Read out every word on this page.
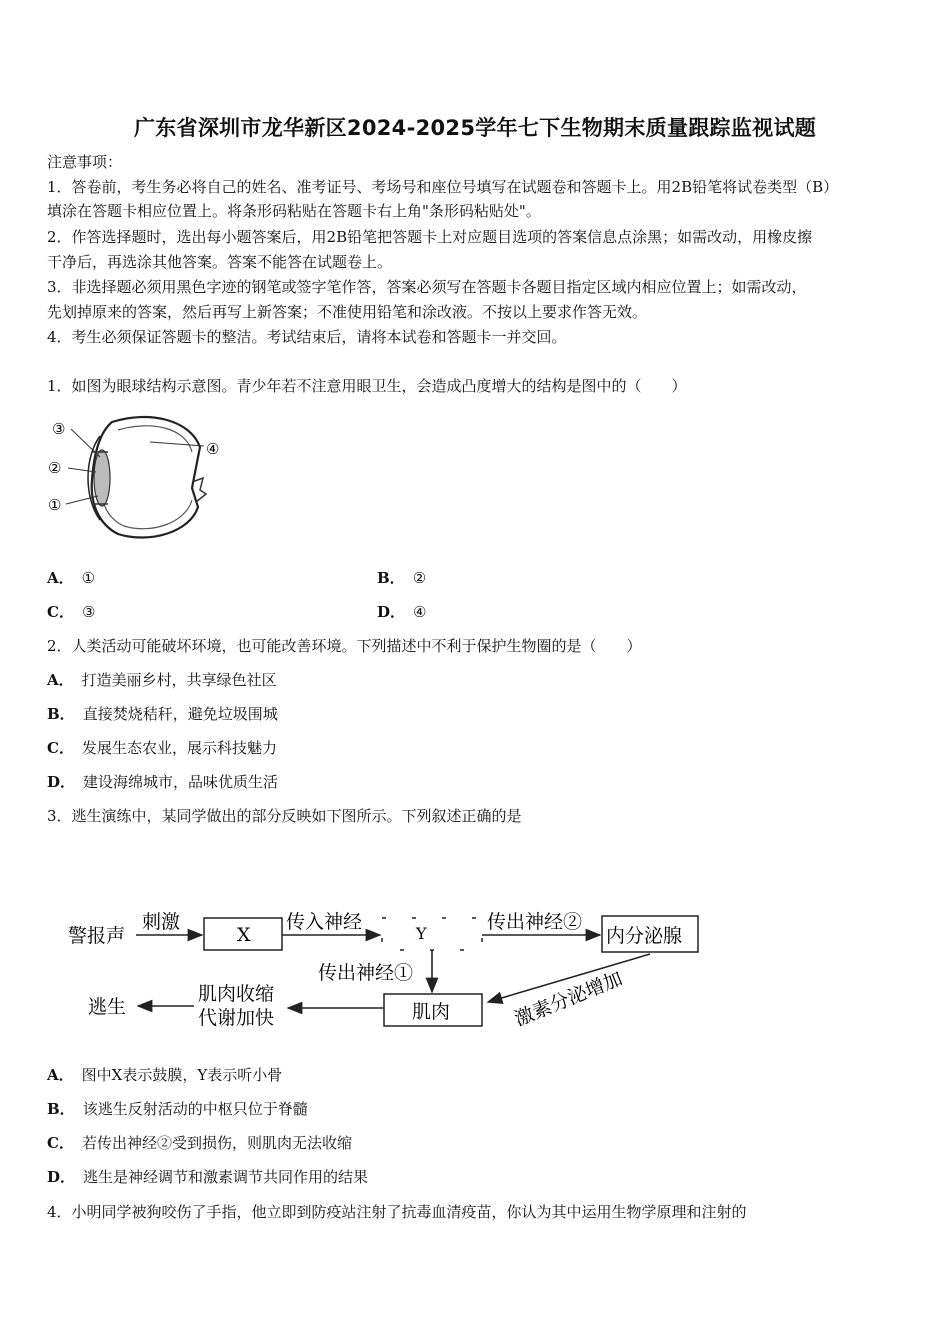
广东省深圳市龙华新区2024-2025学年七下生物期末质量跟踪监视试题
注意事项：
1．答卷前，考生务必将自己的姓名、准考证号、考场号和座位号填写在试题卷和答题卡上。用2B铅笔将试卷类型（B）
填涂在答题卡相应位置上。将条形码粘贴在答题卡右上角"条形码粘贴处"。
2．作答选择题时，选出每小题答案后，用2B铅笔把答题卡上对应题目选项的答案信息点涂黑；如需改动，用橡皮擦
干净后，再选涂其他答案。答案不能答在试题卷上。
3．非选择题必须用黑色字迹的钢笔或签字笔作答，答案必须写在答题卡各题目指定区域内相应位置上；如需改动，
先划掉原来的答案，然后再写上新答案；不准使用铅笔和涂改液。不按以上要求作答无效。
4．考生必须保证答题卡的整洁。考试结束后，请将本试卷和答题卡一并交回。
1．如图为眼球结构示意图。青少年若不注意用眼卫生，会造成凸度增大的结构是图中的（　　）
③
②
①
④
A． ①	B． ②
C． ③	D． ④
2．人类活动可能破坏环境，也可能改善环境。下列描述中不利于保护生物圈的是（　　）
A． 打造美丽乡村，共享绿色社区
B． 直接焚烧秸秆，避免垃圾围城
C． 发展生态农业，展示科技魅力
D． 建设海绵城市，品味优质生活
3．逃生演练中，某同学做出的部分反映如下图所示。下列叙述正确的是
警报声
刺激
X
传入神经
Y
传出神经②
内分泌腺
传出神经①
肌肉	激素分泌增加
肌肉收缩
代谢加快
逃生
A． 图中X表示鼓膜，Y表示听小骨
B． 该逃生反射活动的中枢只位于脊髓
C． 若传出神经②受到损伤，则肌肉无法收缩
D． 逃生是神经调节和激素调节共同作用的结果
4．小明同学被狗咬伤了手指，他立即到防疫站注射了抗毒血清疫苗，你认为其中运用生物学原理和注射的
